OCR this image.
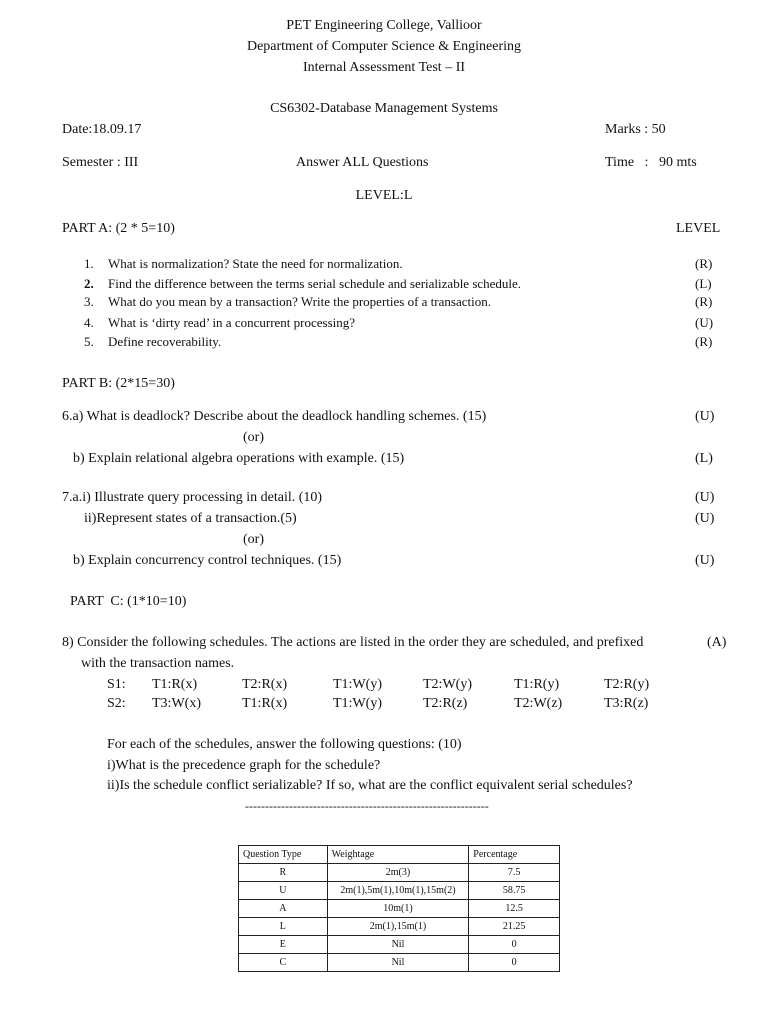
PET Engineering College, Vallioor
Department of Computer Science & Engineering
Internal Assessment Test – II
CS6302-Database Management Systems
Date:18.09.17	Marks : 50
Semester : III	Answer ALL Questions	Time   :   90 mts
LEVEL:L
PART A: (2 * 5=10)	LEVEL
1. What is normalization? State the need for normalization.	(R)
2. Find the difference between the terms serial schedule and serializable schedule.	(L)
3. What do you mean by a transaction? Write the properties of a transaction.	(R)
4. What is ‘dirty read’ in a concurrent processing?	(U)
5. Define recoverability.	(R)
PART B: (2*15=30)
6.a) What is deadlock? Describe about the deadlock handling schemes. (15)	(U)
(or)
b) Explain relational algebra operations with example. (15)	(L)
7.a.i) Illustrate query processing in detail. (10)	(U)
ii)Represent states of a transaction.(5)	(U)
(or)
b) Explain concurrency control techniques. (15)	(U)
PART  C: (1*10=10)
8) Consider the following schedules. The actions are listed in the order they are scheduled, and prefixed	(A)
with the transaction names.
S1: T1:R(x)	T2:R(x)	T1:W(y)	T2:W(y)	T1:R(y)	T2:R(y)
S2: T3:W(x)	T1:R(x)	T1:W(y)	T2:R(z)	T2:W(z)	T3:R(z)
For each of the schedules, answer the following questions: (10)
i)What is the precedence graph for the schedule?
ii)Is the schedule conflict serializable? If so, what are the conflict equivalent serial schedules?
-------------------------------------------------------------
Question Type	Weightage	Percentage
R	2m(3)	7.5
U	2m(1),5m(1),10m(1),15m(2)	58.75
A	10m(1)	12.5
L	2m(1),15m(1)	21.25
E	Nil	0
C	Nil	0
